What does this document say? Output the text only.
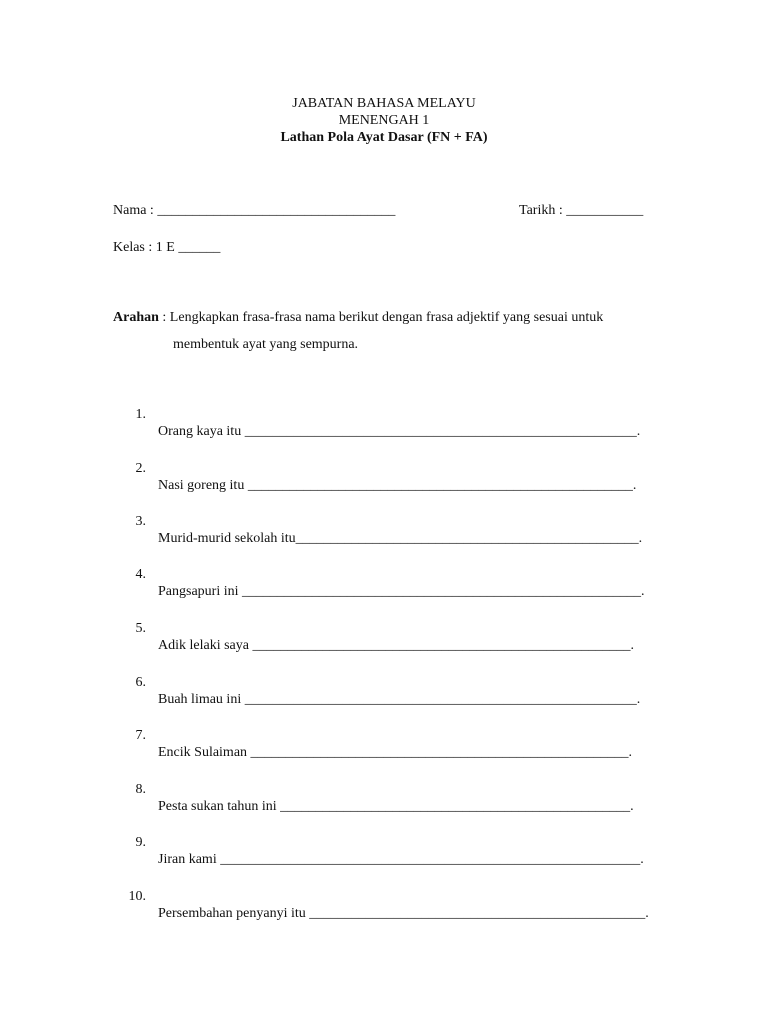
JABATAN BAHASA MELAYU
MENENGAH 1
Lathan Pola Ayat Dasar (FN + FA)
Nama : __________________________________	Tarikh : ___________
Kelas : 1 E ______
Arahan : Lengkapkan frasa-frasa nama berikut dengan frasa adjektif yang sesuai untuk
membentuk ayat yang sempurna.

1.

Orang kaya itu ________________________________________________________.

2.

Nasi goreng itu _______________________________________________________.

3.

Murid-murid sekolah itu_________________________________________________.

4.

Pangsapuri ini _________________________________________________________.

5.

Adik lelaki saya ______________________________________________________.

6.

Buah limau ini ________________________________________________________.

7.

Encik Sulaiman ______________________________________________________.

8.

Pesta sukan tahun ini __________________________________________________.

9.

Jiran kami ____________________________________________________________.

10.

Persembahan penyanyi itu ________________________________________________.
